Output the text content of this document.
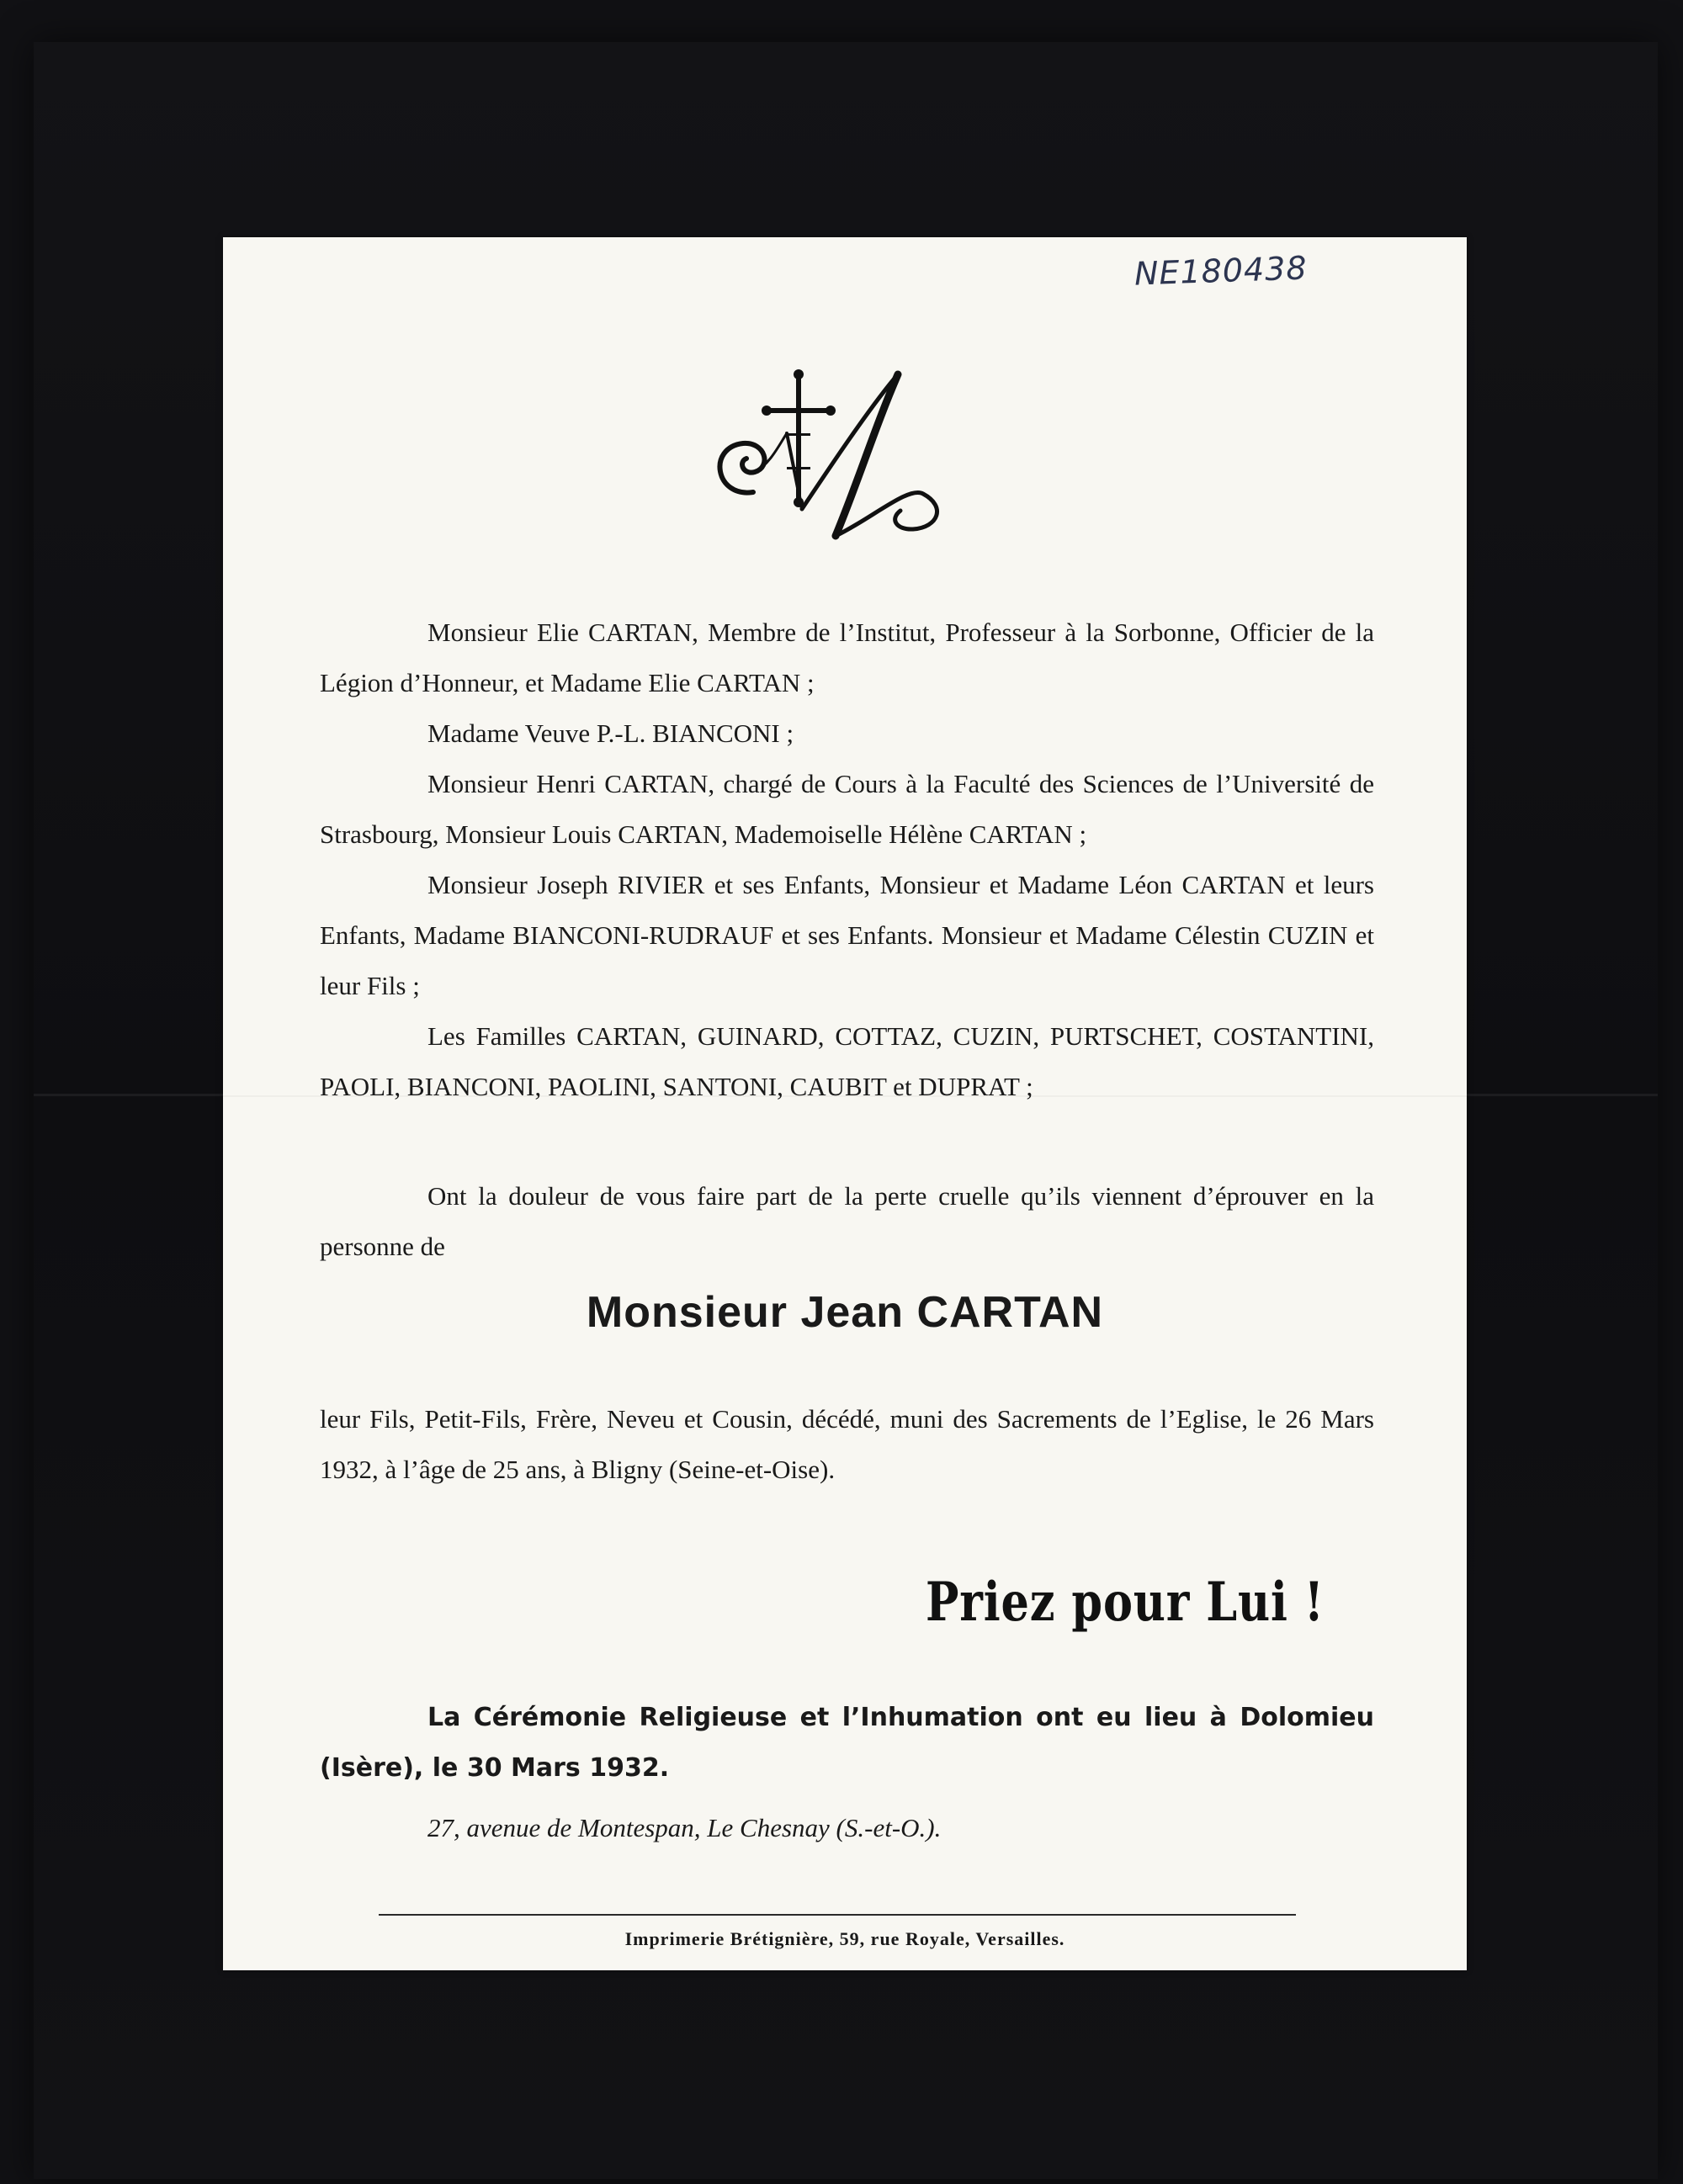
NE180438

Monsieur Elie CARTAN, Membre de l’Institut, Professeur à la Sorbonne, Officier de la Légion d’Honneur, et Madame Elie CARTAN ;

Madame Veuve P.-L. BIANCONI ;

Monsieur Henri CARTAN, chargé de Cours à la Faculté des Sciences de l’Université de Strasbourg, Monsieur Louis CARTAN, Mademoiselle Hélène CARTAN ;

Monsieur Joseph RIVIER et ses Enfants, Monsieur et Madame Léon CARTAN et leurs Enfants, Madame BIANCONI-RUDRAUF et ses Enfants. Monsieur et Madame Célestin CUZIN et leur Fils ;

Les Familles CARTAN, GUINARD, COTTAZ, CUZIN, PURTSCHET, COSTANTINI, PAOLI, BIANCONI, PAOLINI, SANTONI, CAUBIT et DUPRAT ;

Ont la douleur de vous faire part de la perte cruelle qu’ils viennent d’éprouver en la personne de

Monsieur Jean CARTAN

leur Fils, Petit-Fils, Frère, Neveu et Cousin, décédé, muni des Sacrements de l’Eglise, le 26 Mars 1932, à l’âge de 25 ans, à Bligny (Seine-et-Oise).

Priez pour Lui !

La Cérémonie Religieuse et l’Inhumation ont eu lieu à Dolomieu (Isère), le 30 Mars 1932.

27, avenue de Montespan, Le Chesnay (S.-et-O.).
Imprimerie Brétignière, 59, rue Royale, Versailles.
